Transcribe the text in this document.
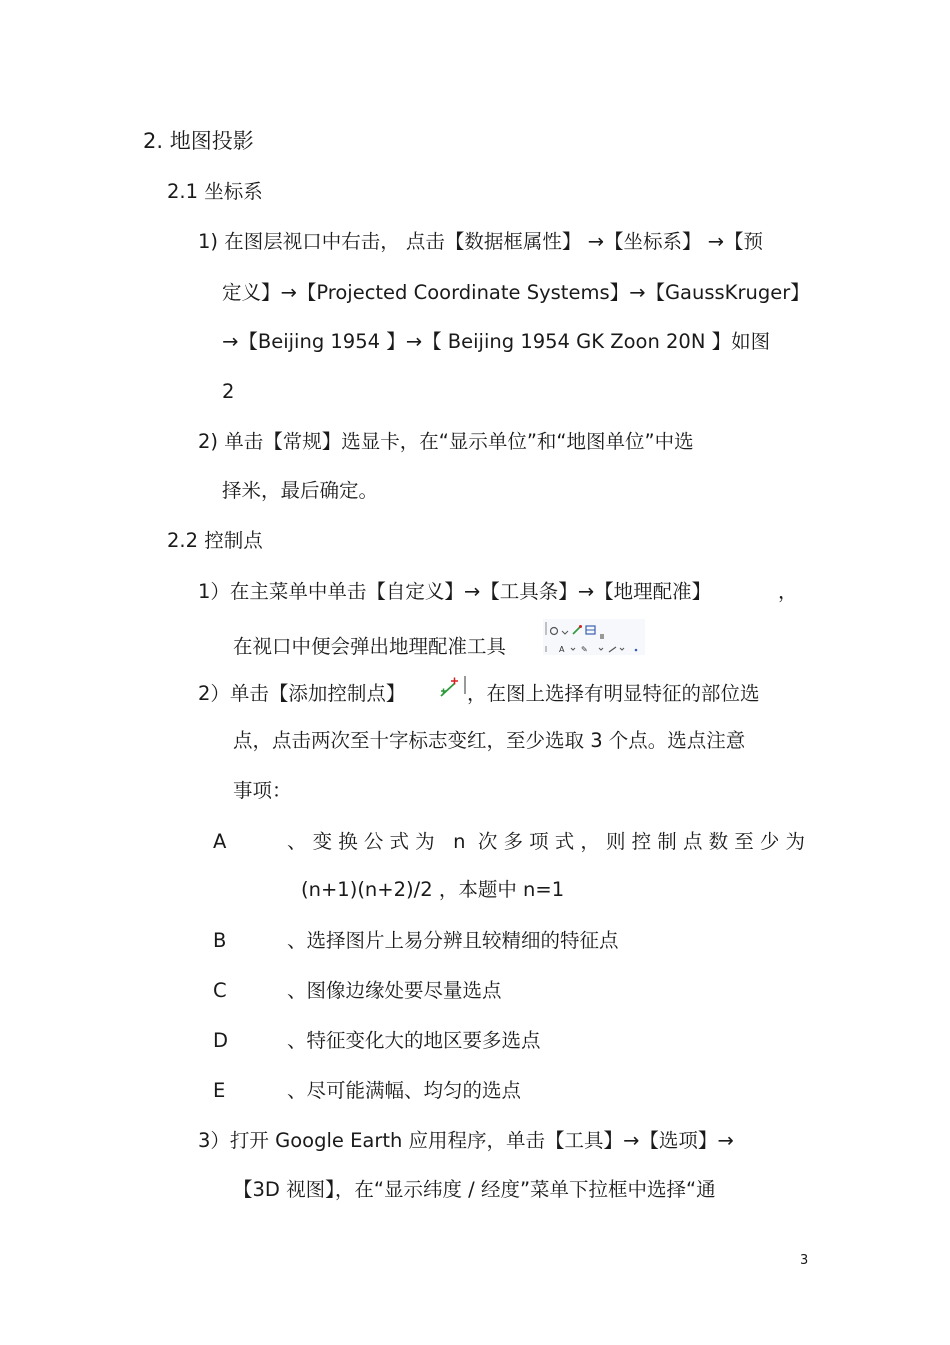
2. 地图投影
2.1 坐标系
1) 在图层视口中右击， 点击【数据框属性】 →【坐标系】 →【预
定义】→【Projected Coordinate Systems】→【GaussKruger】
→【Beijing 1954 】→【 Beijing 1954 GK Zoon 20N 】如图
2
2) 单击【常规】选显卡，在“显示单位”和“地图单位”中选
择米，最后确定。
2.2 控制点
1）在主菜单中单击【自定义】→【工具条】→【地理配准】	，
在视口中便会弹出地理配准工具	A ✎
2）单击【添加控制点】	，在图上选择有明显特征的部位选
点，点击两次至十字标志变红，至少选取 3 个点。选点注意
事项：
A	、变换公式为 n 次多项式，则控制点数至少为
(n+1)(n+2)/2 ，本题中 n=1
B	、选择图片上易分辨且较精细的特征点
C	、图像边缘处要尽量选点
D	、特征变化大的地区要多选点
E	、尽可能满幅、均匀的选点
3）打开 Google Earth 应用程序，单击【工具】→【选项】→
【3D 视图】，在“显示纬度 / 经度”菜单下拉框中选择“通
3
